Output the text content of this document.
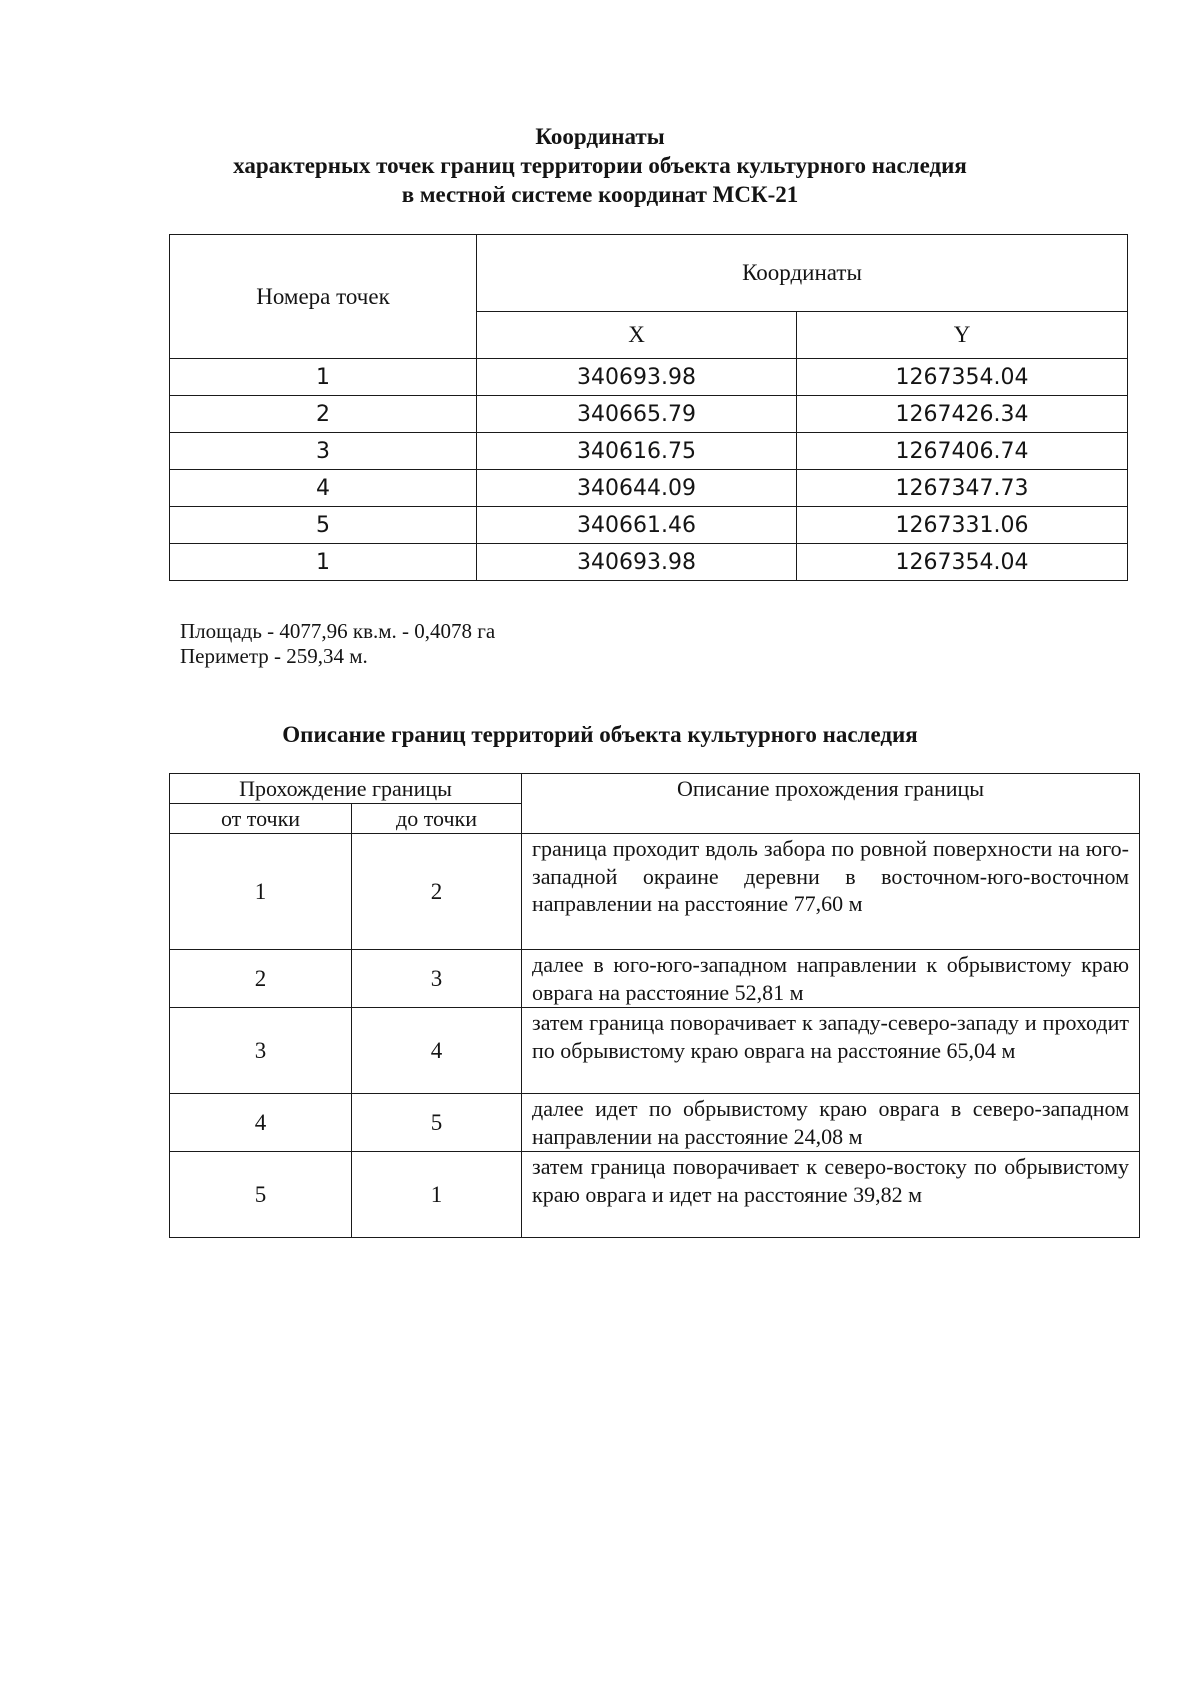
Координаты
характерных точек границ территории объекта культурного наследия
в местной системе координат МСК-21
Номера точек	Координаты	
	X	Y
1	340693.98	1267354.04
2	340665.79	1267426.34
3	340616.75	1267406.74
4	340644.09	1267347.73
5	340661.46	1267331.06
1	340693.98	1267354.04
Площадь - 4077,96 кв.м. - 0,4078 га
Периметр - 259,34 м.
Описание границ территорий объекта культурного наследия
Прохождение границы		Описание прохождения границы
от точки	до точки	
1	2	граница проходит вдоль забора по ровной поверхности на юго-западной окраине деревни в восточном-юго-восточном направлении на расстояние 77,60 м
2	3	далее в юго-юго-западном направлении к обрывистому краю оврага на расстояние 52,81 м
3	4	затем граница поворачивает к западу-северо-западу и проходит по обрывистому краю оврага на расстояние 65,04 м
4	5	далее идет по обрывистому краю оврага в северо-западном направлении на расстояние 24,08 м
5	1	затем граница поворачивает к северо-востоку по обрывистому краю оврага и идет на расстояние 39,82 м
